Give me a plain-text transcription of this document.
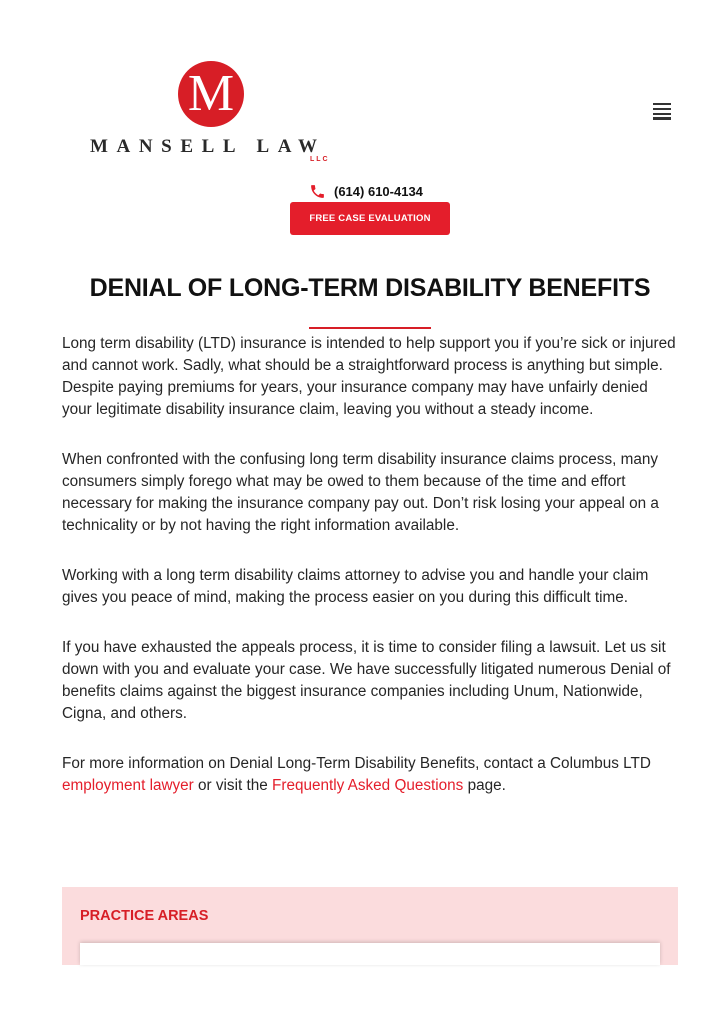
M
MANSELL LAW
LLC
(614) 610-4134
FREE CASE EVALUATION
DENIAL OF LONG-TERM DISABILITY BENEFITS

Long term disability (LTD) insurance is intended to help support you if you’re sick or injured and cannot work. Sadly, what should be a straightforward process is anything but simple. Despite paying premiums for years, your insurance company may have unfairly denied your legitimate disability insurance claim, leaving you without a steady income.

When confronted with the confusing long term disability insurance claims process, many consumers simply forego what may be owed to them because of the time and effort necessary for making the insurance company pay out. Don’t risk losing your appeal on a technicality or by not having the right information available.

Working with a long term disability claims attorney to advise you and handle your claim gives you peace of mind, making the process easier on you during this difficult time.

If you have exhausted the appeals process, it is time to consider filing a lawsuit. Let us sit down with you and evaluate your case. We have successfully litigated numerous Denial of benefits claims against the biggest insurance companies including Unum, Nationwide, Cigna, and others.

For more information on Denial Long-Term Disability Benefits, contact a Columbus LTD employment lawyer or visit the Frequently Asked Questions page.

PRACTICE AREAS
